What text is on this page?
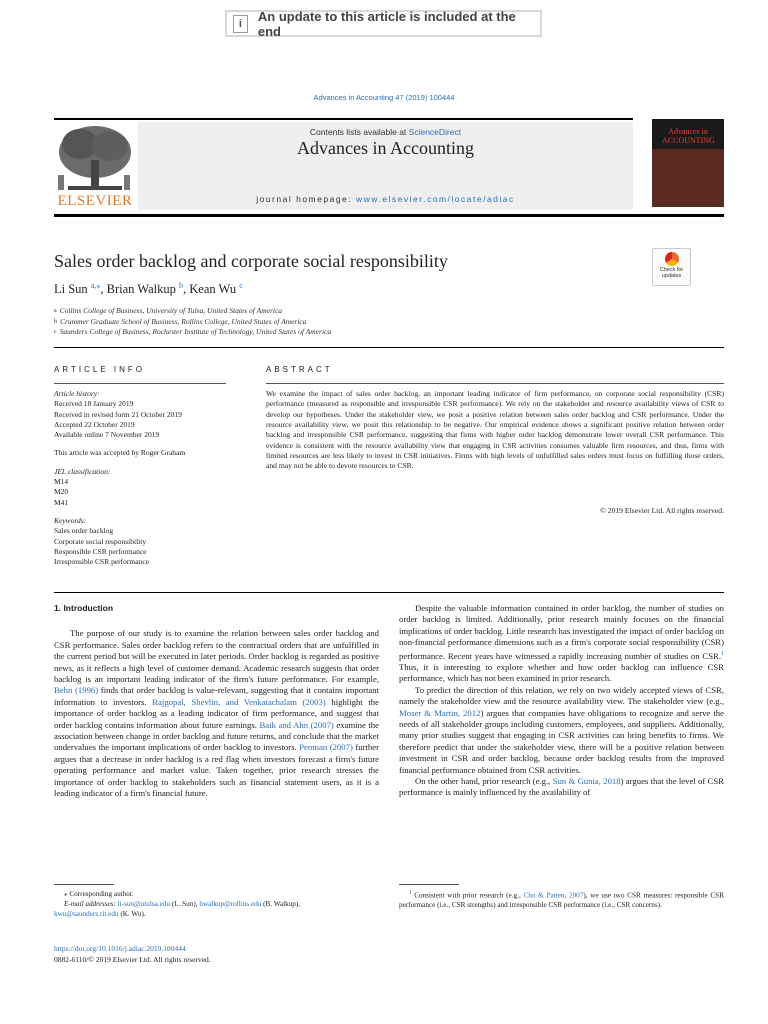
i	An update to this article is included at the end
Advances in Accounting 47 (2019) 100444
ELSEVIER
Contents lists available at ScienceDirect
Advances in Accounting
journal homepage: www.elsevier.com/locate/adiac
Advances in ACCOUNTING
Sales order backlog and corporate social responsibility	Check for
updates
Li Sun $^{a,⁎}$, Brian Walkup $^b$, Kean Wu $^c$
$^a$ Collins College of Business, University of Tulsa, United States of America
$^b$ Crummer Graduate School of Business, Rollins College, United States of America
$^c$ Saunders College of Business, Rochester Institute of Technology, United States of America
ARTICLE INFO
Article history:
Received 18 January 2019
Received in revised form 21 October 2019
Accepted 22 October 2019
Available online 7 November 2019
This article was accepted by Roger Graham
JEL classification:
M14
M20
M41
Keywords:
Sales order backlog
Corporate social responsibility
Responsible CSR performance
Irresponsible CSR performance
ABSTRACT
We examine the impact of sales order backlog, an important leading indicator of firm performance, on corporate social responsibility (CSR) performance (measured as responsible and irresponsible CSR performance). We rely on the stakeholder and resource availability views of CSR to develop our hypotheses. Under the stakeholder view, we posit a positive relation between sales order backlog and CSR performance. Under the resource availability view, we posit this relationship to be negative. Our empirical evidence shows a significant positive relation between order backlog and irresponsible CSR performance, suggesting that firms with higher order backlog demonstrate lower overall CSR performance. This evidence is consistent with the resource availability view that engaging in CSR activities consumes valuable firm resources, and thus, firms with limited resources are less likely to invest in CSR initiatives. Firms with high levels of unfulfilled sales orders must focus on fulfilling those orders, and may not be able to devote resources to CSR.
© 2019 Elsevier Ltd. All rights reserved.
1. Introduction

The purpose of our study is to examine the relation between sales order backlog and CSR performance. Sales order backlog refers to the contractual orders that are unfulfilled in the current period but will be executed in later periods. Order backlog is regarded as positive news, as it reflects a high level of customer demand. Academic research suggests that order backlog is an important leading indicator of the firm's future performance. For example, Behn (1996) finds that order backlog is value-relevant, suggesting that it contains important information to investors. Rajgopal, Shevlin, and Venkatachalam (2003) highlight the importance of order backlog as a leading indicator of firm performance, and suggest that order backlog contains information about future earnings. Baik and Ahn (2007) examine the association between change in order backlog and future returns, and conclude that the market undervalues the important implications of order backlog to investors. Penman (2007) further argues that a decrease in order backlog is a red flag when investors forecast a firm's future operating performance and market value. Taken together, prior research stresses the importance of order backlog to stakeholders such as financial statement users, as it is a leading indicator of a firm's financial future.

Despite the valuable information contained in order backlog, the number of studies on order backlog is limited. Additionally, prior research mainly focuses on the financial implications of order backlog. Little research has investigated the impact of order backlog on non-financial performance dimensions such as a firm's corporate social responsibility (CSR) performance. Recent years have witnessed a rapidly increasing number of studies on CSR.$^1$ Thus, it is interesting to explore whether and how order backlog can influence CSR performance, which has not been examined in prior research.

To predict the direction of this relation, we rely on two widely accepted views of CSR, namely the stakeholder view and the resource availability view. The stakeholder view (e.g., Moser & Martin, 2012) argues that companies have obligations to recognize and serve the needs of all stakeholder groups including customers, employees, and suppliers. Additionally, many prior studies suggest that engaging in CSR activities can bring benefits to firms. We therefore predict that under the stakeholder view, there will be a positive relation between investment in CSR and order backlog, because order backlog results from the improved financial performance obtained from CSR activities.

On the other hand, prior research (e.g., Sun & Gunia, 2018) argues that the level of CSR performance is mainly influenced by the availability of

⁎ Corresponding author.
E-mail addresses: li-sun@utulsa.edu (L. Sun), bwalkup@rollins.edu (B. Walkup),
kwu@saunders.rit.edu (K. Wu).
$^1$ Consistent with prior research (e.g., Cho & Patten, 2007), we use two CSR measures: responsible CSR performance (i.e., CSR strengths) and irresponsible CSR performance (i.e., CSR concerns).
https://doi.org/10.1016/j.adiac.2019.100444
0882-6110/© 2019 Elsevier Ltd. All rights reserved.
